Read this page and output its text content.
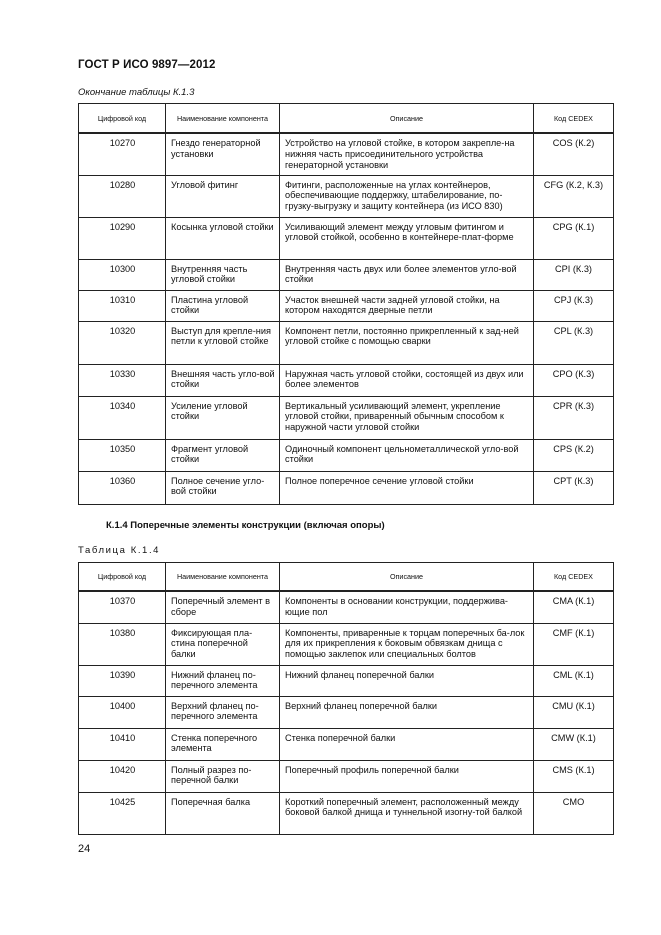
ГОСТ Р ИСО 9897—2012
Окончание таблицы К.1.3
Цифровой код	Наименование компонента	Описание	Код CEDEX
10270	Гнездо генераторной установки	Устройство на угловой стойке, в котором закрепле-на нижняя часть присоединительного устройства генераторной установки	COS (К.2)
10280	Угловой фитинг	Фитинги, расположенные на углах контейнеров, обеспечивающие поддержку, штабелирование, по-грузку-выгрузку и защиту контейнера (из ИСО 830)	CFG (К.2, К.3)
10290	Косынка угловой стойки	Усиливающий элемент между угловым фитингом и угловой стойкой, особенно в контейнере-плат-форме	CPG (К.1)
10300	Внутренняя часть угловой стойки	Внутренняя часть двух или более элементов угло-вой стойки	CPI (К.3)
10310	Пластина угловой стойки	Участок внешней части задней угловой стойки, на котором находятся дверные петли	CPJ (К.3)
10320	Выступ для крепле-ния петли к угловой стойке	Компонент петли, постоянно прикрепленный к зад-ней угловой стойке с помощью сварки	CPL (К.3)
10330	Внешняя часть угло-вой стойки	Наружная часть угловой стойки, состоящей из двух или более элементов	CPO (К.3)
10340	Усиление угловой стойки	Вертикальный усиливающий элемент, укрепление угловой стойки, приваренный обычным способом к наружной части угловой стойки	CPR (К.3)
10350	Фрагмент угловой стойки	Одиночный компонент цельнометаллической угло-вой стойки	CPS (К.2)
10360	Полное сечение угло-вой стойки	Полное поперечное сечение угловой стойки	CPT (К.3)
К.1.4 Поперечные элементы конструкции (включая опоры)
Таблица К.1.4
Цифровой код	Наименование компонента	Описание	Код CEDEX
10370	Поперечный элемент в сборе	Компоненты в основании конструкции, поддержива-ющие пол	CMA (К.1)
10380	Фиксирующая пла-стина поперечной балки	Компоненты, приваренные к торцам поперечных ба-лок для их прикрепления к боковым обвязкам днища с помощью заклепок или специальных болтов	CMF (К.1)
10390	Нижний фланец по-перечного элемента	Нижний фланец поперечной балки	CML (К.1)
10400	Верхний фланец по-перечного элемента	Верхний фланец поперечной балки	CMU (К.1)
10410	Стенка поперечного элемента	Стенка поперечной балки	CMW (К.1)
10420	Полный разрез по-перечной балки	Поперечный профиль поперечной балки	CMS (К.1)
10425	Поперечная балка	Короткий поперечный элемент, расположенный между боковой балкой днища и туннельной изогну-той балкой	CMO
24
